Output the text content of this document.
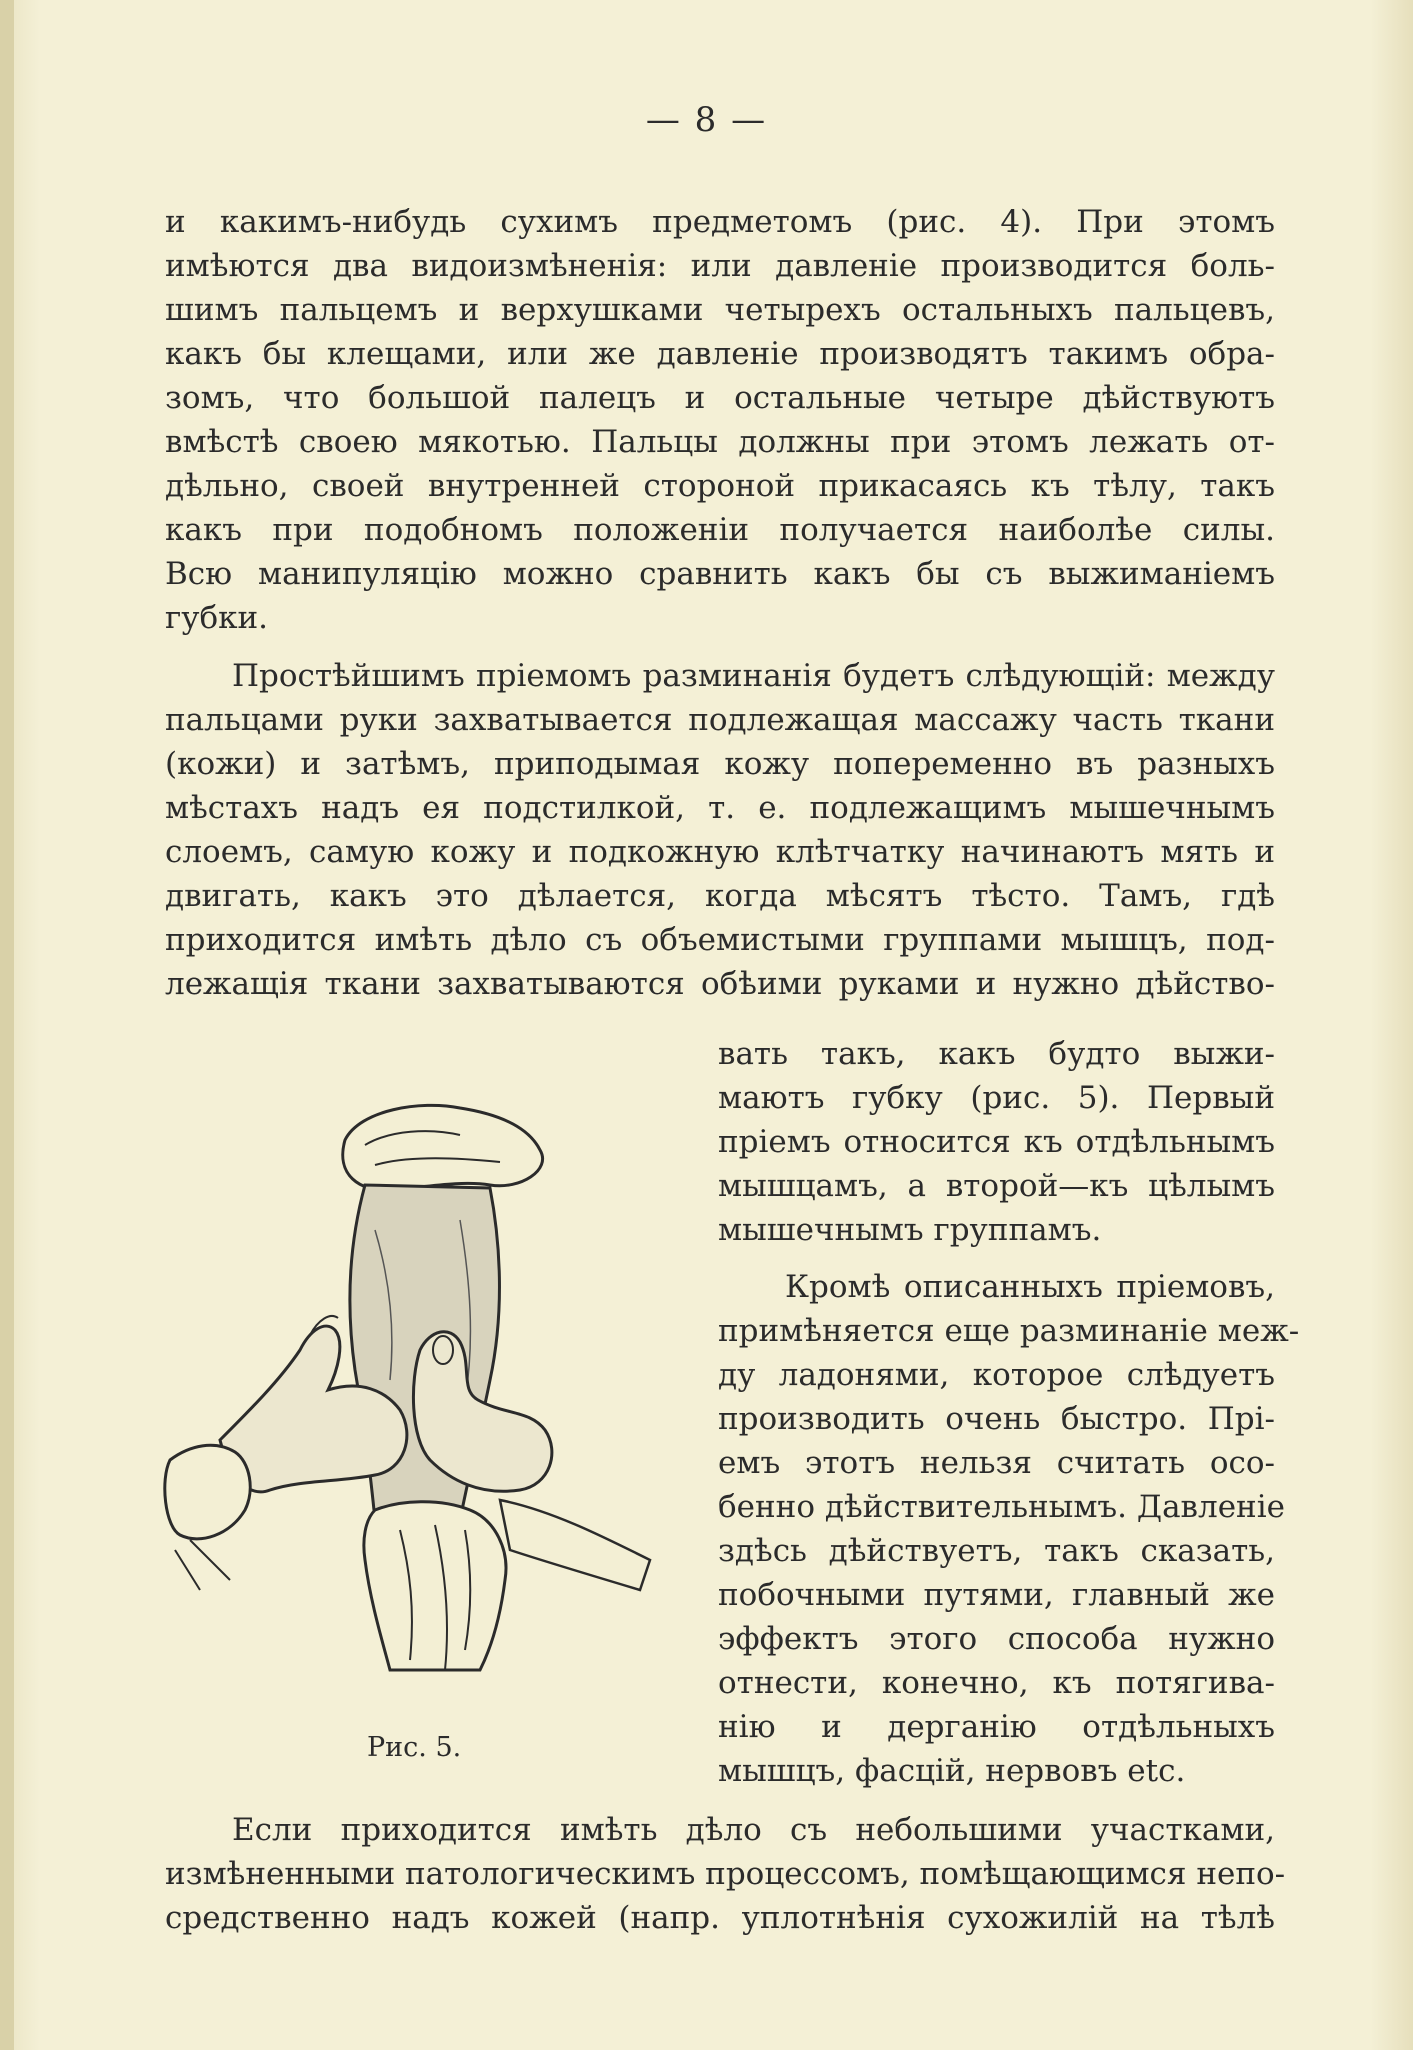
— 8 —
и какимъ-нибудь сухимъ предметомъ (рис. 4). При этомъ
имѣются два видоизмѣненія: или давленіе производится боль-
шимъ пальцемъ и верхушками четырехъ остальныхъ пальцевъ,
какъ бы клещами, или же давленіе производятъ такимъ обра-
зомъ, что большой палецъ и остальные четыре дѣйствуютъ
вмѣстѣ своею мякотью. Пальцы должны при этомъ лежать от-
дѣльно, своей внутренней стороной прикасаясь къ тѣлу, такъ
какъ при подобномъ положеніи получается наиболѣе силы.
Всю манипуляцію можно сравнить какъ бы съ выжиманіемъ
губки.
Простѣйшимъ пріемомъ разминанія будетъ слѣдующій: между
пальцами руки захватывается подлежащая массажу часть ткани
(кожи) и затѣмъ, приподымая кожу попеременно въ разныхъ
мѣстахъ надъ ея подстилкой, т. е. подлежащимъ мышечнымъ
слоемъ, самую кожу и подкожную клѣтчатку начинаютъ мять и
двигать, какъ это дѣлается, когда мѣсятъ тѣсто. Тамъ, гдѣ
приходится имѣть дѣло съ объемистыми группами мышцъ, под-
лежащія ткани захватываются обѣими руками и нужно дѣйство-
вать такъ, какъ будто выжи-
маютъ губку (рис. 5). Первый
пріемъ относится къ отдѣльнымъ
мышцамъ, а второй—къ цѣлымъ
мышечнымъ группамъ.
Кромѣ описанныхъ пріемовъ,
примѣняется еще разминаніе меж-
ду ладонями, которое слѣдуетъ
производить очень быстро. Прі-
емъ этотъ нельзя считать осо-
бенно дѣйствительнымъ. Давленіе
здѣсь дѣйствуетъ, такъ сказать,
побочными путями, главный же
эффектъ этого способа нужно
отнести, конечно, къ потягива-
нію и дерганію отдѣльныхъ
мышцъ, фасцій, нервовъ etc.
Если приходится имѣть дѣло съ небольшими участками,
измѣненными патологическимъ процессомъ, помѣщающимся непо-
средственно надъ кожей (напр. уплотнѣнія сухожилій на тѣлѣ
Рис. 5.
